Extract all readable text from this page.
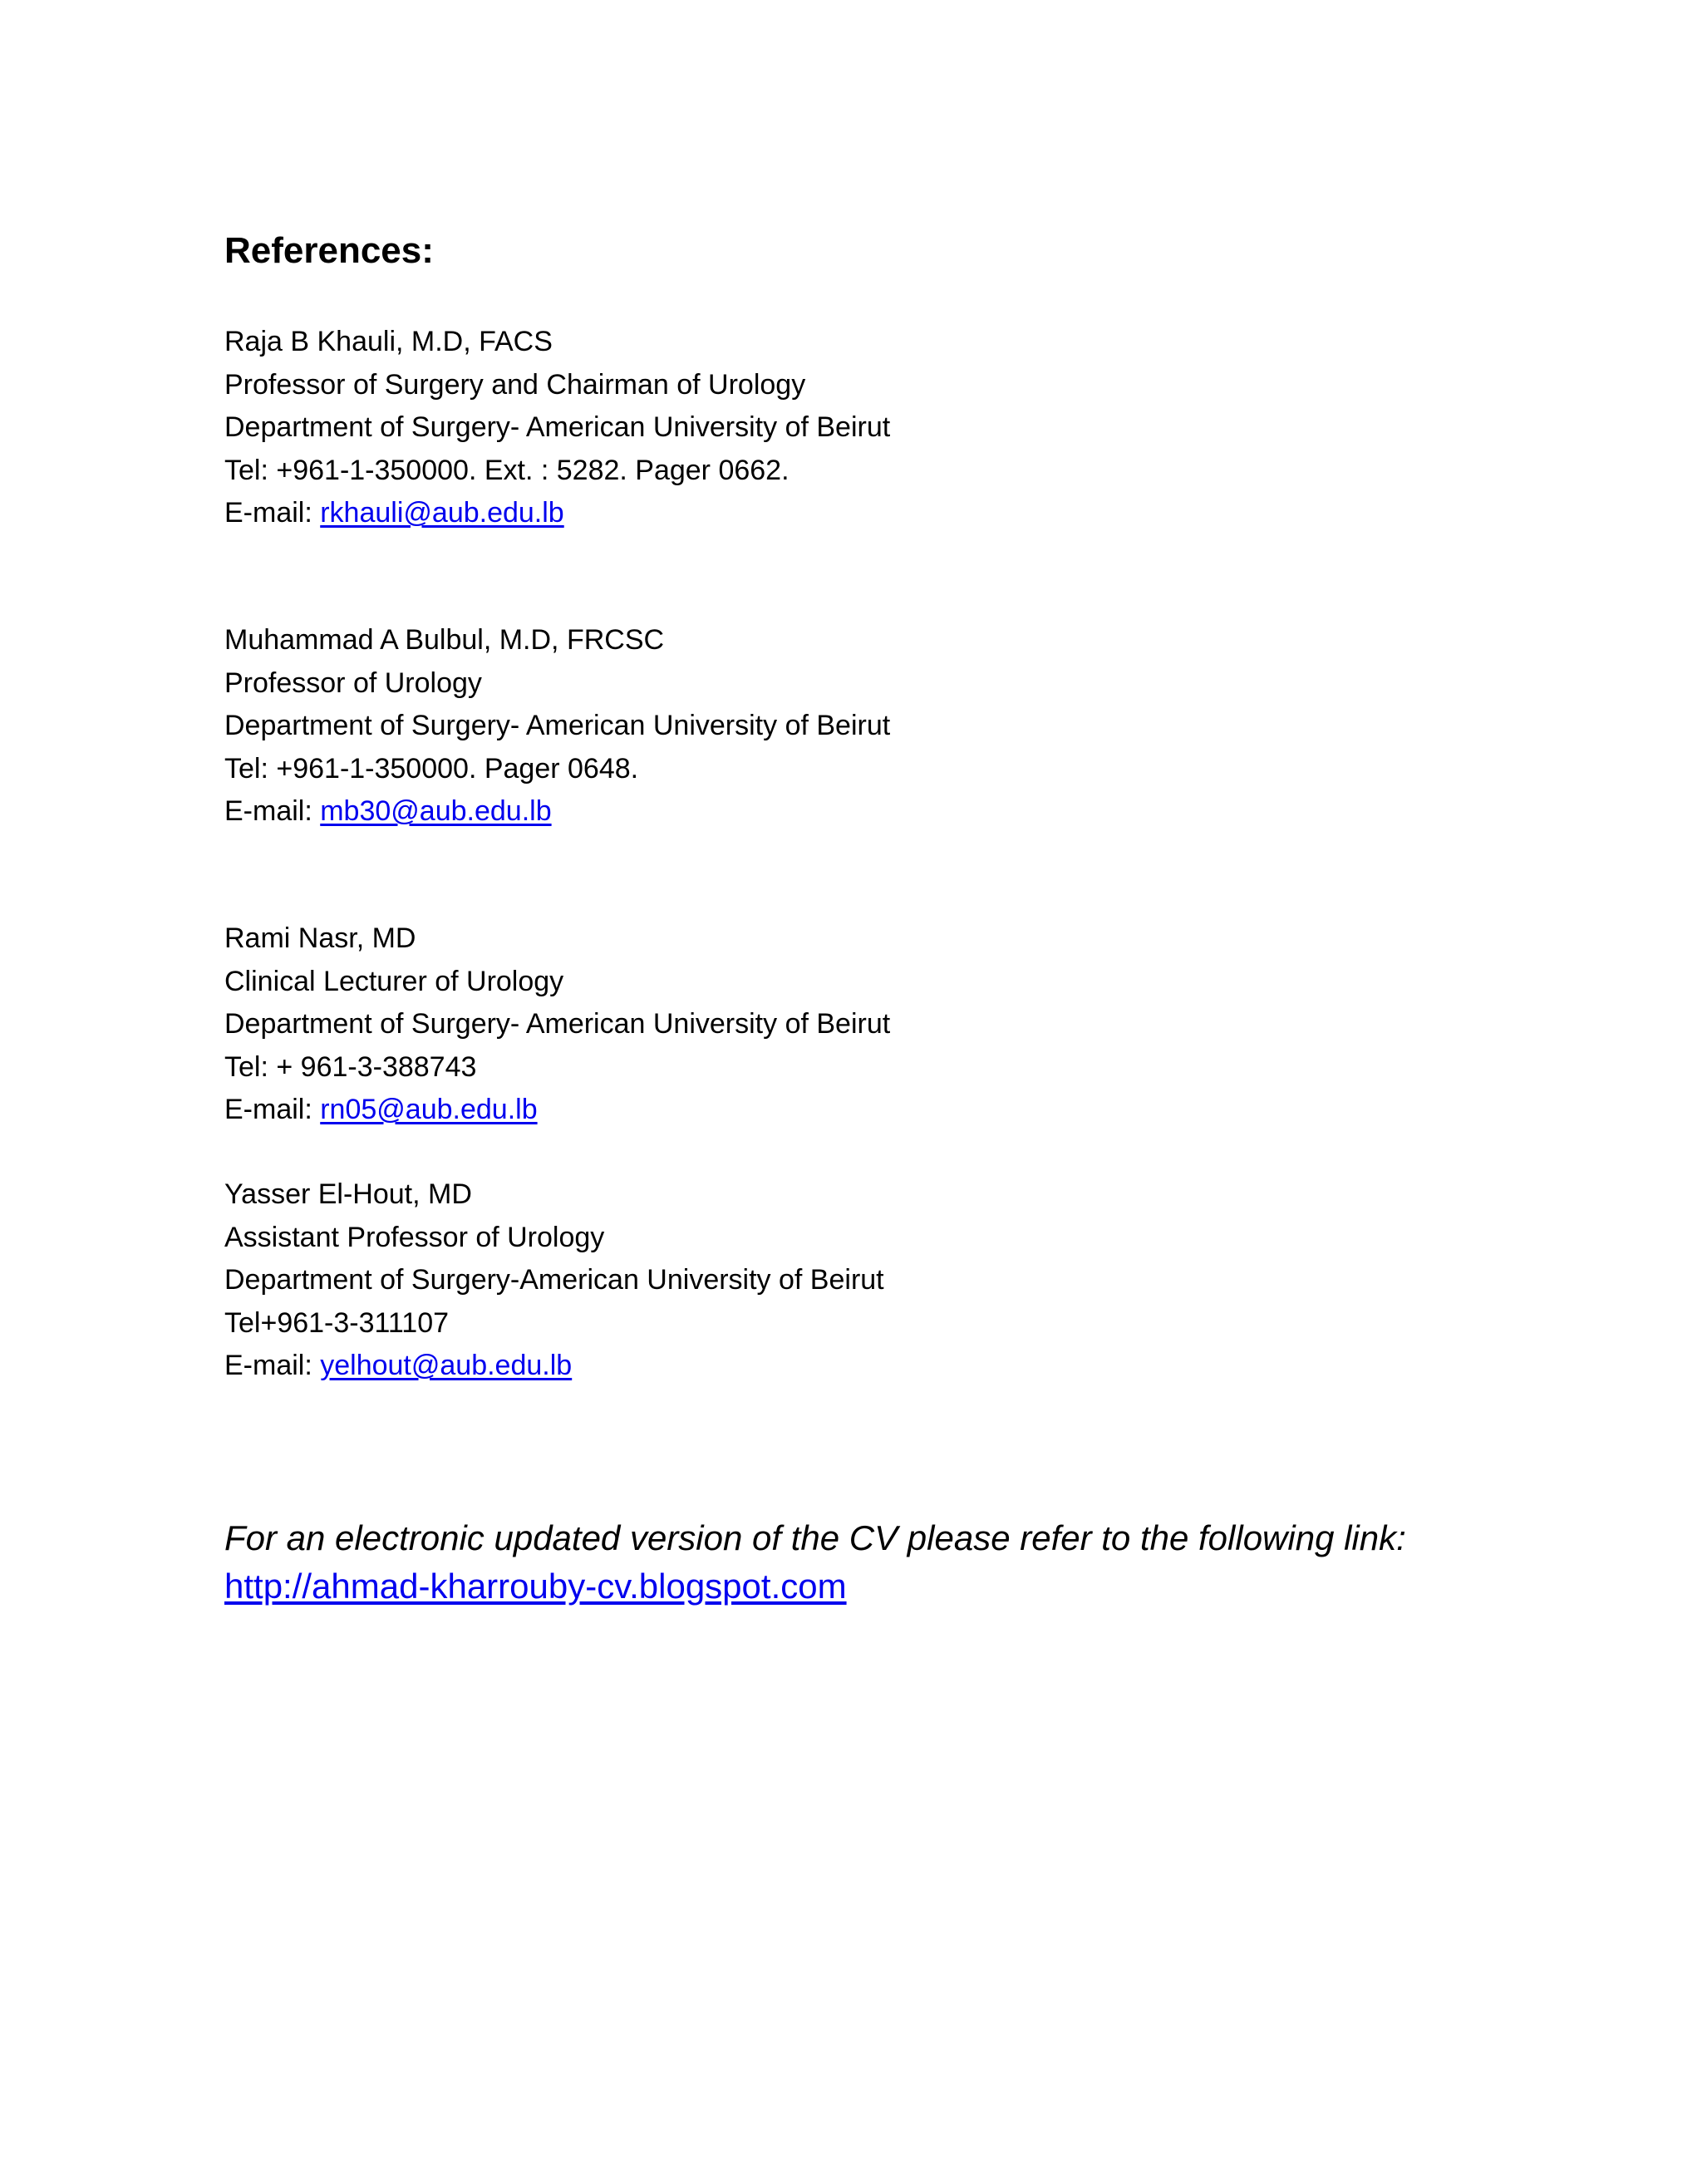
References:
Raja B Khauli, M.D, FACS
Professor of Surgery and Chairman of Urology
Department of Surgery- American University of Beirut
Tel: +961-1-350000. Ext. : 5282. Pager 0662.
E-mail: rkhauli@aub.edu.lb
Muhammad A Bulbul, M.D, FRCSC
Professor of Urology
Department of Surgery- American University of Beirut
Tel: +961-1-350000. Pager 0648.
E-mail: mb30@aub.edu.lb
Rami Nasr, MD
Clinical Lecturer of Urology
Department of Surgery- American University of Beirut
Tel: + 961-3-388743
E-mail: rn05@aub.edu.lb
Yasser El-Hout, MD
Assistant Professor of Urology
Department of Surgery-American University of Beirut
Tel+961-3-311107
E-mail: yelhout@aub.edu.lb
For an electronic updated version of the CV please refer to the following link:
http://ahmad-kharrouby-cv.blogspot.com
